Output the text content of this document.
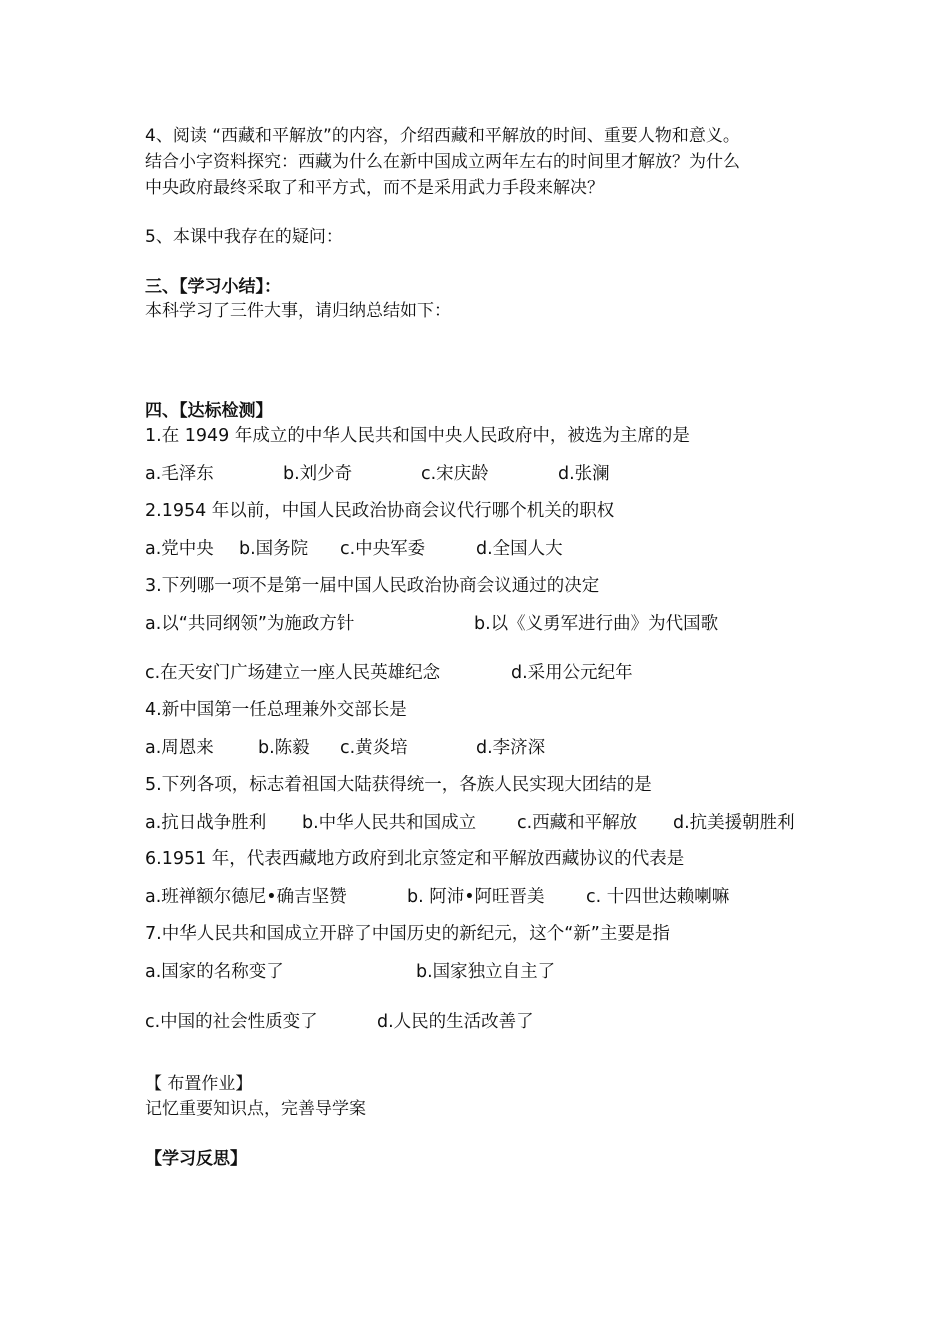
4、阅读 “西藏和平解放”的内容，介绍西藏和平解放的时间、重要人物和意义。
结合小字资料探究：西藏为什么在新中国成立两年左右的时间里才解放？为什么
中央政府最终采取了和平方式，而不是采用武力手段来解决？
5、本课中我存在的疑问：
三、【学习小结】：
本科学习了三件大事，请归纳总结如下：
四、【达标检测】
1.在 1949 年成立的中华人民共和国中央人民政府中，被选为主席的是
a.毛泽东	b.刘少奇	c.宋庆龄	d.张澜
2.1954 年以前，中国人民政治协商会议代行哪个机关的职权
a.党中央 b.国务院 c.中央军委	d.全国人大
3.下列哪一项不是第一届中国人民政治协商会议通过的决定
a.以“共同纲领”为施政方针	b.以《义勇军进行曲》为代国歌
c.在天安门广场建立一座人民英雄纪念	d.采用公元纪年
4.新中国第一任总理兼外交部长是
a.周恩来	b.陈毅 c.黄炎培	d.李济深
5.下列各项，标志着祖国大陆获得统一，各族人民实现大团结的是
a.抗日战争胜利 b.中华人民共和国成立 c.西藏和平解放 d.抗美援朝胜利
6.1951 年，代表西藏地方政府到北京签定和平解放西藏协议的代表是
a.班禅额尔德尼•确吉坚赞	b. 阿沛•阿旺晋美 c. 十四世达赖喇嘛
7.中华人民共和国成立开辟了中国历史的新纪元，这个“新”主要是指
a.国家的名称变了	b.国家独立自主了
c.中国的社会性质变了	d.人民的生活改善了
【 布置作业】
记忆重要知识点，完善导学案
【学习反思】
